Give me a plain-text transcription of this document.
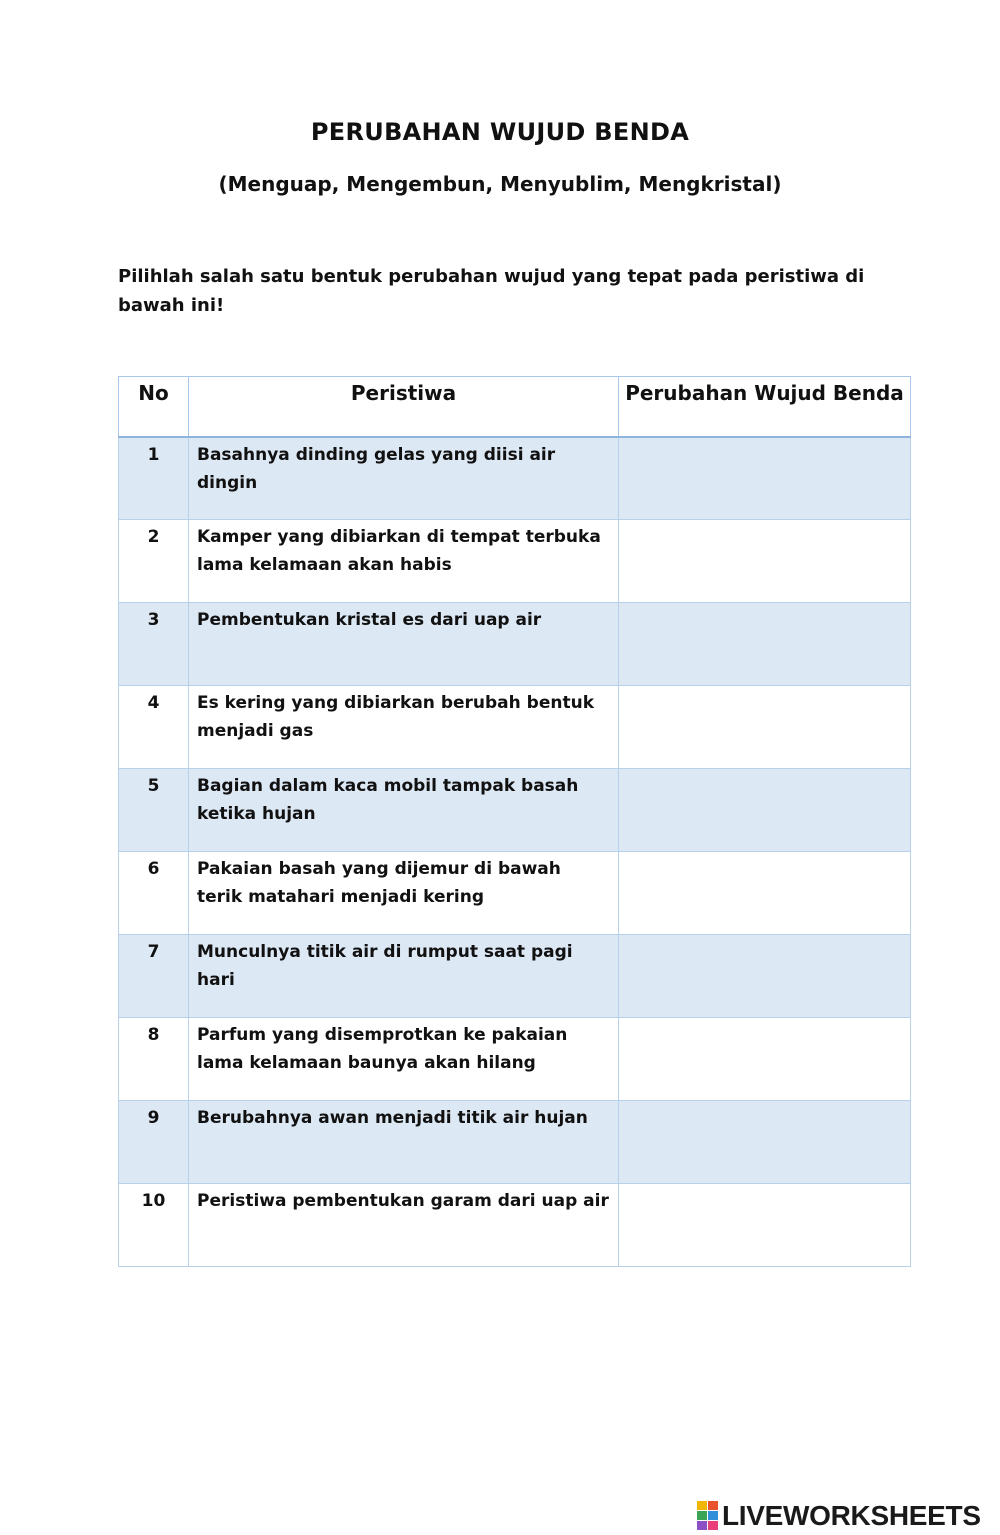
PERUBAHAN WUJUD BENDA
(Menguap, Mengembun, Menyublim, Mengkristal)

Pilihlah salah satu bentuk perubahan wujud yang tepat pada peristiwa di bawah ini!

No	Peristiwa	Perubahan Wujud Benda
1	Basahnya dinding gelas yang diisi air dingin	

2	Kamper yang dibiarkan di tempat terbuka lama kelamaan akan habis	

3	Pembentukan kristal es dari uap air	

4	Es kering yang dibiarkan berubah bentuk menjadi gas	

5	Bagian dalam kaca mobil tampak basah ketika hujan	

6	Pakaian basah yang dijemur di bawah terik matahari menjadi kering	

7	Munculnya titik air di rumput saat pagi hari	

8	Parfum yang disemprotkan ke pakaian lama kelamaan baunya akan hilang	

9	Berubahnya awan menjadi titik air hujan	

10	Peristiwa pembentukan garam dari uap air	
LIVEWORKSHEETS
